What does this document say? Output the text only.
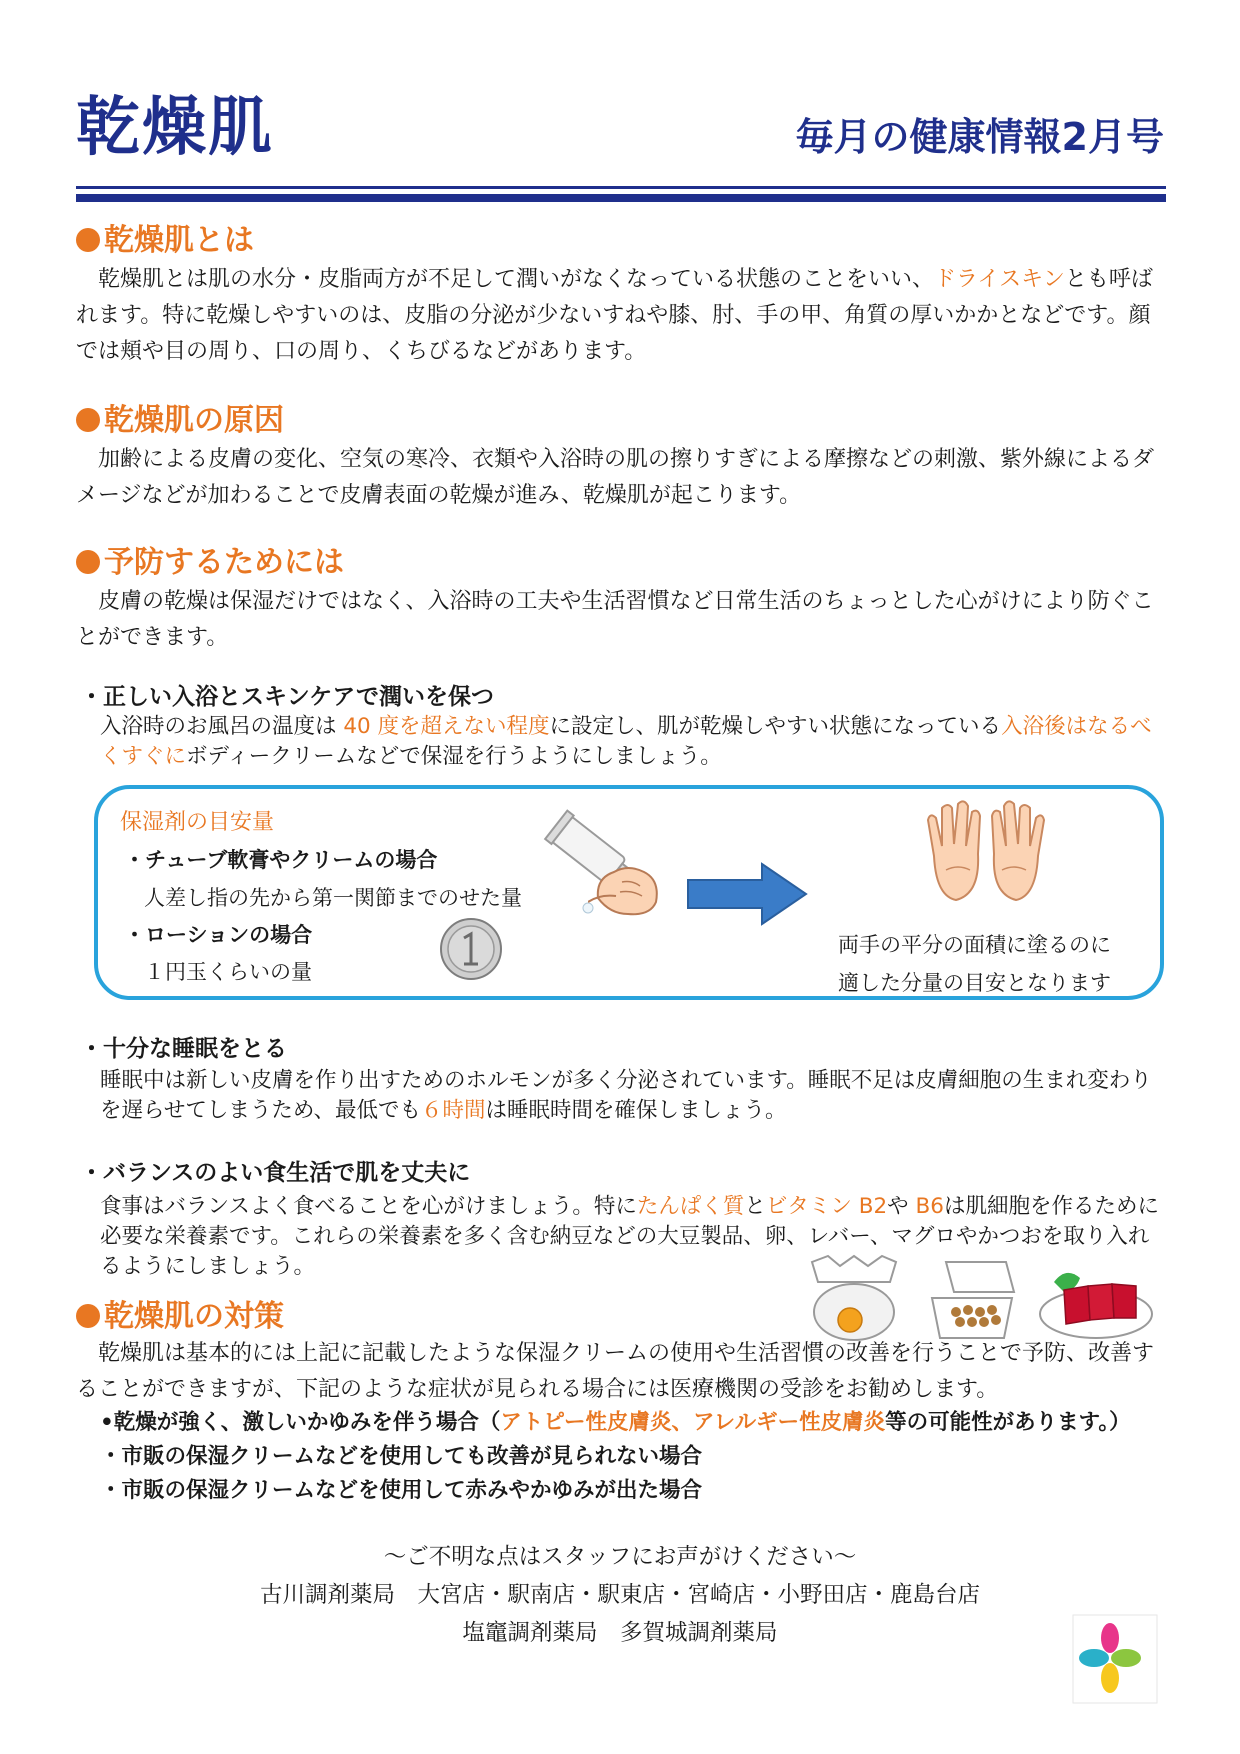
乾燥肌	毎月の健康情報2月号
乾燥肌とは
乾燥肌とは肌の水分・皮脂両方が不足して潤いがなくなっている状態のことをいい、ドライスキンとも呼ばれます。特に乾燥しやすいのは、皮脂の分泌が少ないすねや膝、肘、手の甲、角質の厚いかかとなどです。顔では頬や目の周り、口の周り、くちびるなどがあります。
乾燥肌の原因
加齢による皮膚の変化、空気の寒冷、衣類や入浴時の肌の擦りすぎによる摩擦などの刺激、紫外線によるダメージなどが加わることで皮膚表面の乾燥が進み、乾燥肌が起こります。
予防するためには
皮膚の乾燥は保湿だけではなく、入浴時の工夫や生活習慣など日常生活のちょっとした心がけにより防ぐことができます。
・正しい入浴とスキンケアで潤いを保つ
入浴時のお風呂の温度は 40 度を超えない程度に設定し、肌が乾燥しやすい状態になっている入浴後はなるべくすぐにボディークリームなどで保湿を行うようにしましょう。
保湿剤の目安量
・チューブ軟膏やクリームの場合
人差し指の先から第一関節までのせた量
・ローションの場合
１円玉くらいの量
両手の平分の面積に塗るのに
適した分量の目安となります
・十分な睡眠をとる
睡眠中は新しい皮膚を作り出すためのホルモンが多く分泌されています。睡眠不足は皮膚細胞の生まれ変わりを遅らせてしまうため、最低でも６時間は睡眠時間を確保しましょう。
・バランスのよい食生活で肌を丈夫に
食事はバランスよく食べることを心がけましょう。特にたんぱく質とビタミン B2や B6は肌細胞を作るために必要な栄養素です。これらの栄養素を多く含む納豆などの大豆製品、卵、レバー、マグロやかつおを取り入れるようにしましょう。
乾燥肌の対策
乾燥肌は基本的には上記に記載したような保湿クリームの使用や生活習慣の改善を行うことで予防、改善することができますが、下記のような症状が見られる場合には医療機関の受診をお勧めします。
•乾燥が強く、激しいかゆみを伴う場合（アトピー性皮膚炎、アレルギー性皮膚炎等の可能性があります。）
・市販の保湿クリームなどを使用しても改善が見られない場合
・市販の保湿クリームなどを使用して赤みやかゆみが出た場合
～ご不明な点はスタッフにお声がけください～
古川調剤薬局　大宮店・駅南店・駅東店・宮崎店・小野田店・鹿島台店
塩竈調剤薬局　多賀城調剤薬局
